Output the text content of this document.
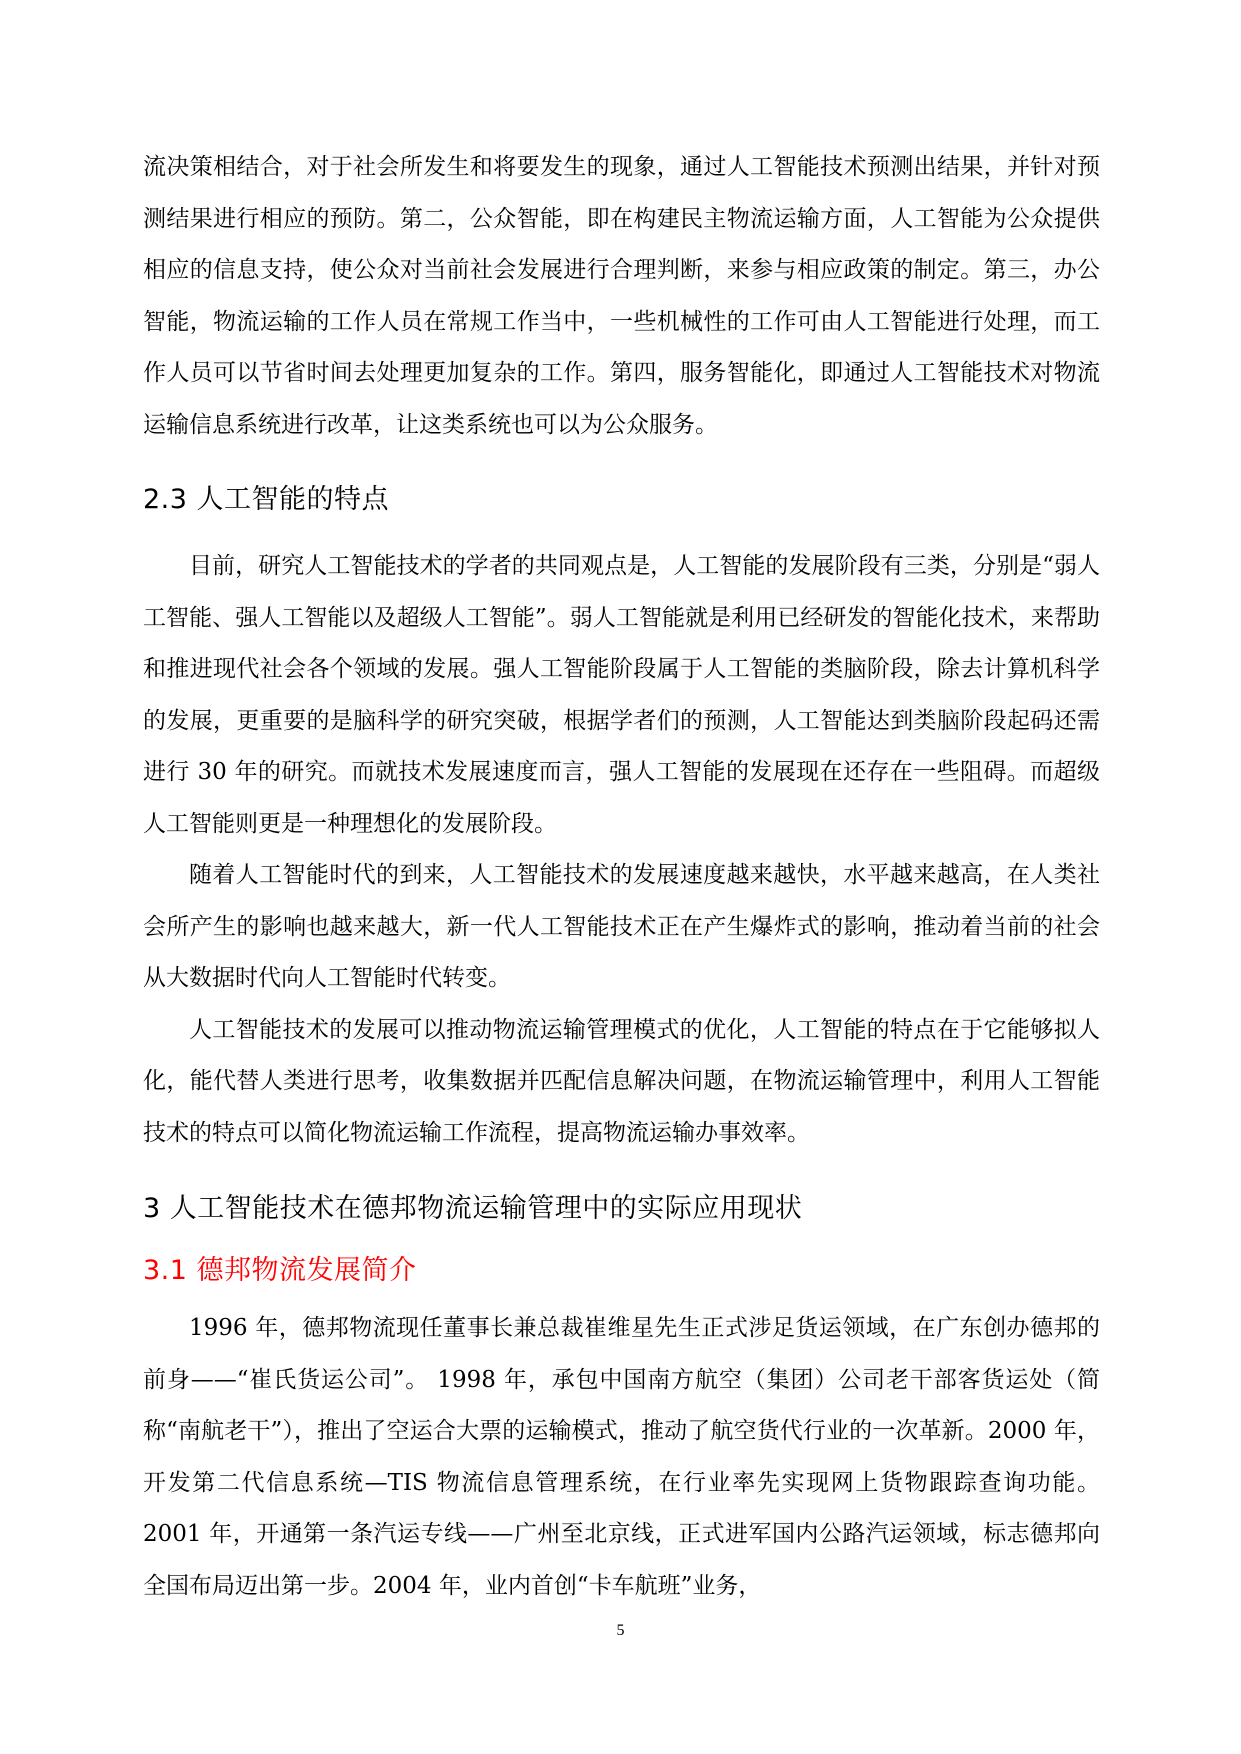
流决策相结合，对于社会所发生和将要发生的现象，通过人工智能技术预测出结果，并针对预测结果进行相应的预防。第二，公众智能，即在构建民主物流运输方面，人工智能为公众提供相应的信息支持，使公众对当前社会发展进行合理判断，来参与相应政策的制定。第三，办公智能，物流运输的工作人员在常规工作当中，一些机械性的工作可由人工智能进行处理，而工作人员可以节省时间去处理更加复杂的工作。第四，服务智能化，即通过人工智能技术对物流运输信息系统进行改革，让这类系统也可以为公众服务。

2.3 人工智能的特点

目前，研究人工智能技术的学者的共同观点是，人工智能的发展阶段有三类，分别是“弱人工智能、强人工智能以及超级人工智能”。弱人工智能就是利用已经研发的智能化技术，来帮助和推进现代社会各个领域的发展。强人工智能阶段属于人工智能的类脑阶段，除去计算机科学的发展，更重要的是脑科学的研究突破，根据学者们的预测，人工智能达到类脑阶段起码还需进行 30 年的研究。而就技术发展速度而言，强人工智能的发展现在还存在一些阻碍。而超级人工智能则更是一种理想化的发展阶段。

随着人工智能时代的到来，人工智能技术的发展速度越来越快，水平越来越高，在人类社会所产生的影响也越来越大，新一代人工智能技术正在产生爆炸式的影响，推动着当前的社会从大数据时代向人工智能时代转变。

人工智能技术的发展可以推动物流运输管理模式的优化，人工智能的特点在于它能够拟人化，能代替人类进行思考，收集数据并匹配信息解决问题，在物流运输管理中，利用人工智能技术的特点可以简化物流运输工作流程，提高物流运输办事效率。

3 人工智能技术在德邦物流运输管理中的实际应用现状
3.1 德邦物流发展简介

1996 年，德邦物流现任董事长兼总裁崔维星先生正式涉足货运领域，在广东创办德邦的前身——“崔氏货运公司”。 1998 年，承包中国南方航空（集团）公司老干部客货运处（简称“南航老干”），推出了空运合大票的运输模式，推动了航空货代行业的一次革新。2000 年，开发第二代信息系统—TIS 物流信息管理系统，在行业率先实现网上货物跟踪查询功能。2001 年，开通第一条汽运专线——广州至北京线，正式进军国内公路汽运领域，标志德邦向全国布局迈出第一步。2004 年，业内首创“卡车航班”业务，

5
